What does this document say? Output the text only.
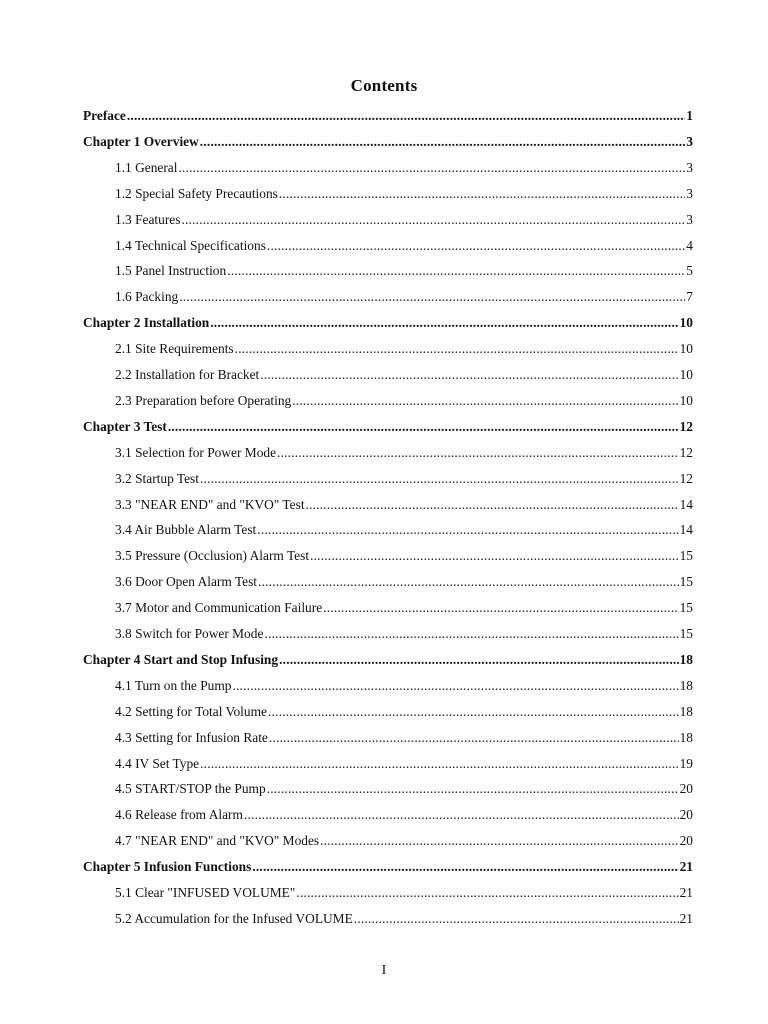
Contents
Preface .....	1
Chapter 1 Overview .....	3
1.1 General .....	3
1.2 Special Safety Precautions .....	3
1.3 Features .....	3
1.4 Technical Specifications .....	4
1.5 Panel Instruction .....	5
1.6 Packing .....	7
Chapter 2 Installation .....	10
2.1 Site Requirements .....	10
2.2 Installation for Bracket .....	10
2.3 Preparation before Operating .....	10
Chapter 3 Test .....	12
3.1 Selection for Power Mode .....	12
3.2 Startup Test .....	12
3.3 "NEAR END" and "KVO" Test .....	14
3.4 Air Bubble Alarm Test .....	14
3.5 Pressure (Occlusion) Alarm Test .....	15
3.6 Door Open Alarm Test .....	15
3.7 Motor and Communication Failure .....	15
3.8 Switch for Power Mode .....	15
Chapter 4 Start and Stop Infusing .....	18
4.1 Turn on the Pump .....	18
4.2 Setting for Total Volume .....	18
4.3 Setting for Infusion Rate .....	18
4.4 IV Set Type .....	19
4.5 START/STOP the Pump .....	20
4.6 Release from Alarm .....	20
4.7 "NEAR END" and "KVO" Modes .....	20
Chapter 5 Infusion Functions .....	21
5.1 Clear "INFUSED VOLUME" .....	21
5.2 Accumulation for the Infused VOLUME .....	21
I
